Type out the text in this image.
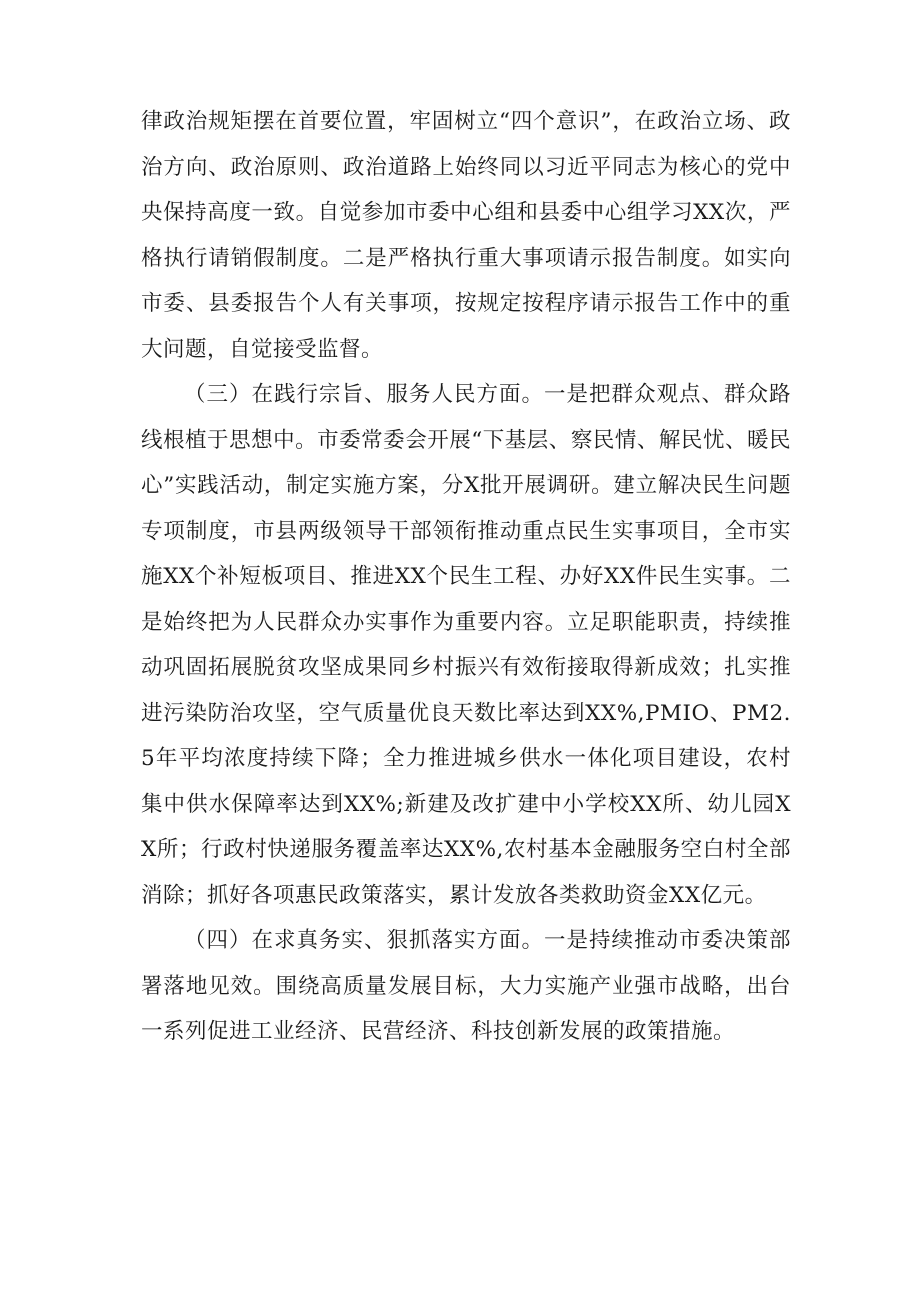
律政治规矩摆在首要位置，牢固树立“四个意识”，在政治立场、政治方向、政治原则、政治道路上始终同以习近平同志为核心的党中央保持高度一致。自觉参加市委中心组和县委中心组学习XX次，严格执行请销假制度。二是严格执行重大事项请示报告制度。如实向市委、县委报告个人有关事项，按规定按程序请示报告工作中的重大问题，自觉接受监督。

（三）在践行宗旨、服务人民方面。一是把群众观点、群众路线根植于思想中。市委常委会开展“下基层、察民情、解民忧、暖民心”实践活动，制定实施方案，分X批开展调研。建立解决民生问题专项制度，市县两级领导干部领衔推动重点民生实事项目，全市实施XX个补短板项目、推进XX个民生工程、办好XX件民生实事。二是始终把为人民群众办实事作为重要内容。立足职能职责，持续推动巩固拓展脱贫攻坚成果同乡村振兴有效衔接取得新成效；扎实推进污染防治攻坚，空气质量优良天数比率达到XX%,PMIO、PM2.5年平均浓度持续下降；全力推进城乡供水一体化项目建设，农村集中供水保障率达到XX%;新建及改扩建中小学校XX所、幼儿园XX所；行政村快递服务覆盖率达XX%,农村基本金融服务空白村全部消除；抓好各项惠民政策落实，累计发放各类救助资金XX亿元。

（四）在求真务实、狠抓落实方面。一是持续推动市委决策部署落地见效。围绕高质量发展目标，大力实施产业强市战略，出台一系列促进工业经济、民营经济、科技创新发展的政策措施。
